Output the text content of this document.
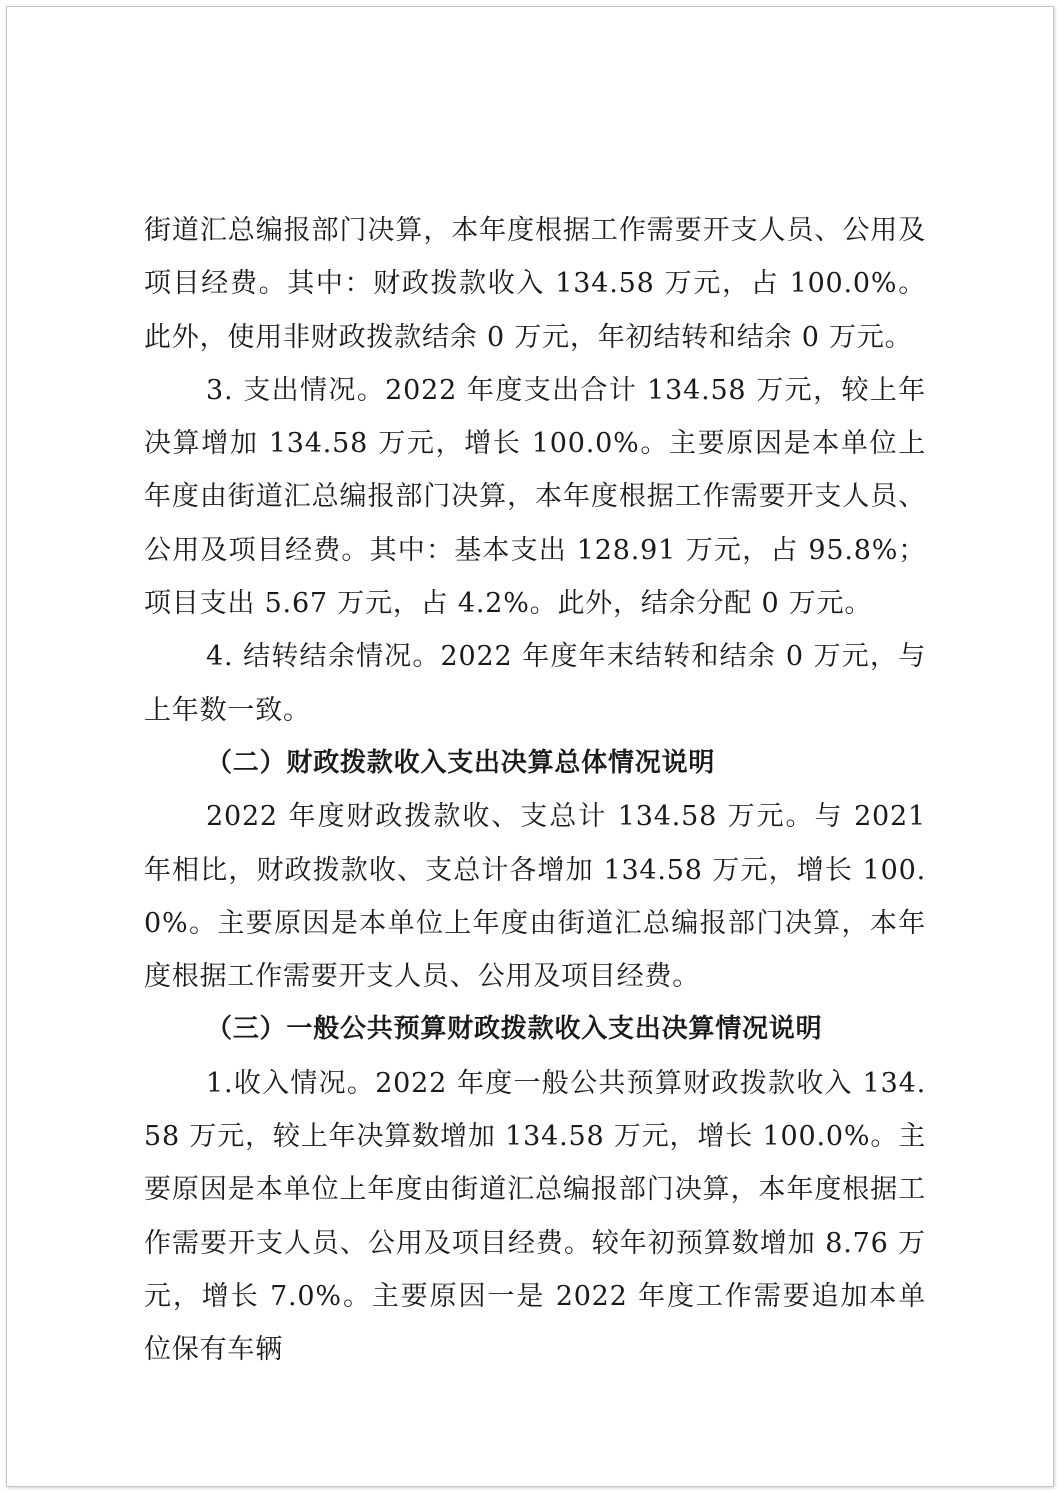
街道汇总编报部门决算，本年度根据工作需要开支人员、公用及项目经费。其中：财政拨款收入 134.58 万元，占 100.0%。此外，使用非财政拨款结余 0 万元，年初结转和结余 0 万元。

3. 支出情况。2022 年度支出合计 134.58 万元，较上年决算增加 134.58 万元，增长 100.0%。主要原因是本单位上年度由街道汇总编报部门决算，本年度根据工作需要开支人员、公用及项目经费。其中：基本支出 128.91 万元，占 95.8%；项目支出 5.67 万元，占 4.2%。此外，结余分配 0 万元。

4. 结转结余情况。2022 年度年末结转和结余 0 万元，与上年数一致。

（二）财政拨款收入支出决算总体情况说明

2022 年度财政拨款收、支总计 134.58 万元。与 2021 年相比，财政拨款收、支总计各增加 134.58 万元，增长 100.0%。主要原因是本单位上年度由街道汇总编报部门决算，本年度根据工作需要开支人员、公用及项目经费。

（三）一般公共预算财政拨款收入支出决算情况说明

1.收入情况。2022 年度一般公共预算财政拨款收入 134.58 万元，较上年决算数增加 134.58 万元，增长 100.0%。主要原因是本单位上年度由街道汇总编报部门决算，本年度根据工作需要开支人员、公用及项目经费。较年初预算数增加 8.76 万元，增长 7.0%。主要原因一是 2022 年度工作需要追加本单位保有车辆
